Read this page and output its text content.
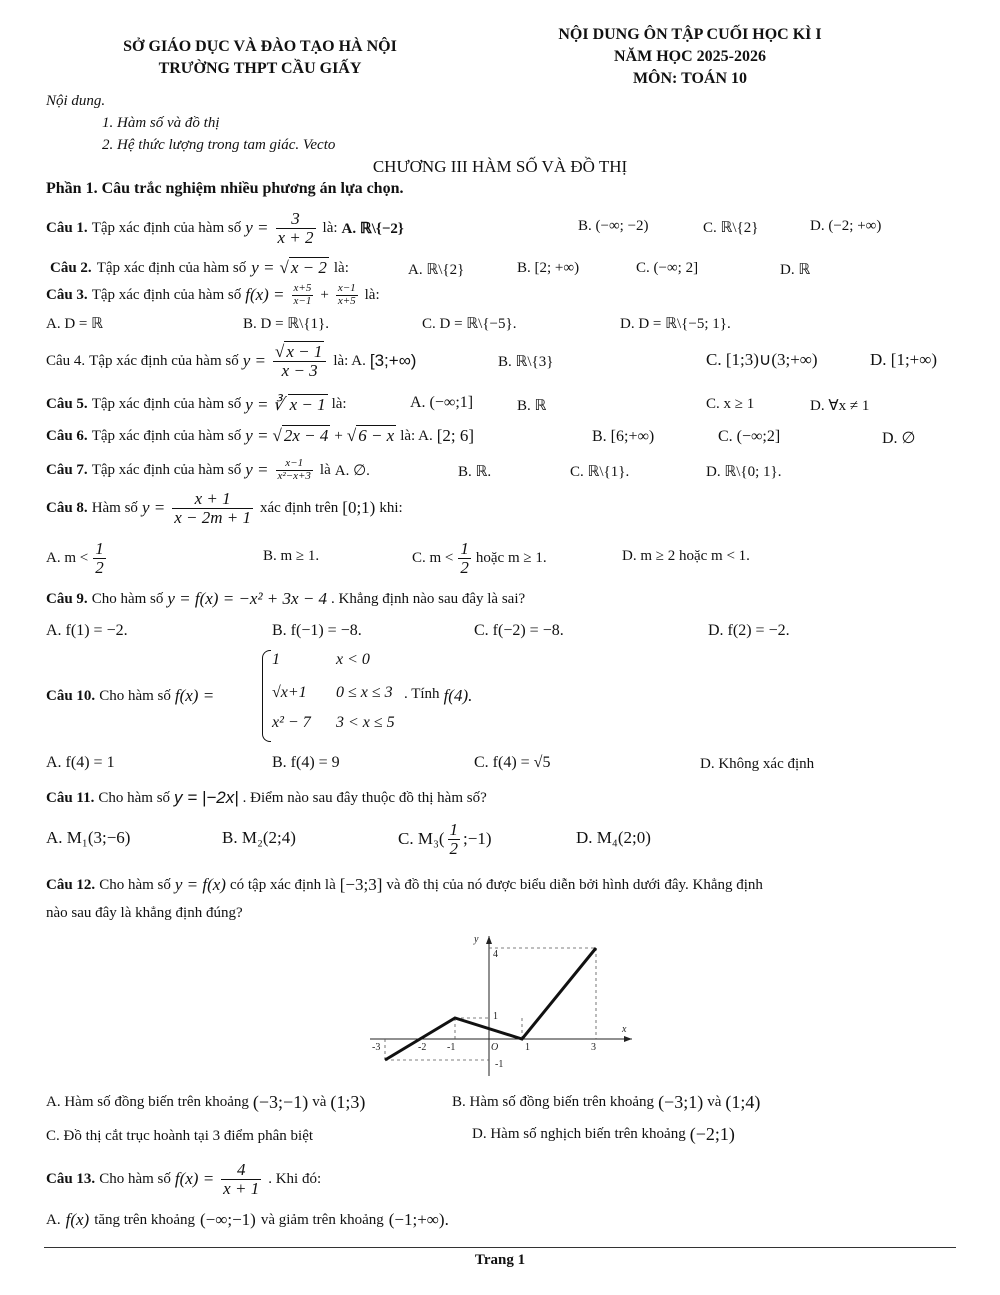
SỞ GIÁO DỤC VÀ ĐÀO TẠO HÀ NỘI
TRƯỜNG THPT CẦU GIẤY
NỘI DUNG ÔN TẬP CUỐI HỌC KÌ I
NĂM HỌC 2025-2026
MÔN: TOÁN 10
Nội dung.
1. Hàm số và đồ thị
2. Hệ thức lượng trong tam giác. Vecto
CHƯƠNG III HÀM SỐ VÀ ĐỒ THỊ
Phần 1. Câu trắc nghiệm nhiều phương án lựa chọn.
Câu 1. Tập xác định của hàm số $y = \frac{3}{x + 2}$ là: A. ℝ\{−2}	B. (−∞; −2)	C. ℝ\{2}	D. (−2; +∞)
Câu 2. Tập xác định của hàm số y = √ x − 2 là:	A. ℝ\{2}	B. [2; +∞)	C. (−∞; 2]	D. ℝ
Câu 3. Tập xác định của hàm số $f(x) = \frac{x+5}{x-1} + \frac{x-1}{x+5}$ là:
A. D = ℝ	B. D = ℝ\{1}.	C. D = ℝ\{−5}.	D. D = ℝ\{−5; 1}.
Câu 4. Tập xác định của hàm số $y = \frac{√ x - 1}{x - 3}$ là: A. [3;+∞)	B. ℝ\{3}	C. [1;3)∪(3;+∞)	D. [1;+∞)
Câu 5. Tập xác định của hàm số y = ∛ x − 1 là:	A. (−∞;1]	B. ℝ	C. x ≥ 1	D. ∀x ≠ 1
Câu 6. Tập xác định của hàm số y = √ 2x − 4 + √ 6 − x là: A. [2; 6]	B. [6;+∞)	C. (−∞;2]	D. ∅
Câu 7. Tập xác định của hàm số $y = \frac{x-1}{\text{x²−x+3}}$ là A. ∅.	B. ℝ.	C. ℝ\{1}.	D. ℝ\{0; 1}.
Câu 8. Hàm số $y = \frac{x + 1}{x - 2m + 1}$ xác định trên [0;1) khi:
A. $m < \frac{1}{2}$	B. m ≥ 1.	C. $m < \frac{1}{2}$ hoặc m ≥ 1.	D. m ≥ 2 hoặc m < 1.
Câu 9. Cho hàm số y = f(x) = −x² + 3x − 4 . Khẳng định nào sau đây là sai?
A. f(1) = −2.	B. f(−1) = −8.	C. f(−2) = −8.	D. f(2) = −2.
Câu 10. Cho hàm số f(x) =
1	x < 0
√x+1 0 ≤ x ≤ 3 . Tính f(4).
x² − 7 3 < x ≤ 5
A. f(4) = 1	B. f(4) = 9	C. f(4) = √5	D. Không xác định
Câu 11. Cho hàm số y = |−2x| . Điểm nào sau đây thuộc đồ thị hàm số?
A. M₁(3;−6)	B. M₂(2;4)	C. $M_3( \frac{1}{2}$ ;−1)	D. M₄(2;0)
Câu 12. Cho hàm số y = f(x) có tập xác định là [−3;3] và đồ thị của nó được biểu diễn bởi hình dưới đây. Khẳng định
nào sau đây là khẳng định đúng?
y
x
O
-3	-2 -1	1	3
4
1
-1
A. Hàm số đồng biến trên khoảng (−3;−1) và (1;3)	B. Hàm số đồng biến trên khoảng (−3;1) và (1;4)
C. Đồ thị cắt trục hoành tại 3 điểm phân biệt	D. Hàm số nghịch biến trên khoảng (−2;1)
Câu 13. Cho hàm số $f(x) = \frac{4}{x + 1}$ . Khi đó:
A. f(x) tăng trên khoảng (−∞;−1) và giảm trên khoảng (−1;+∞).
Trang 1
